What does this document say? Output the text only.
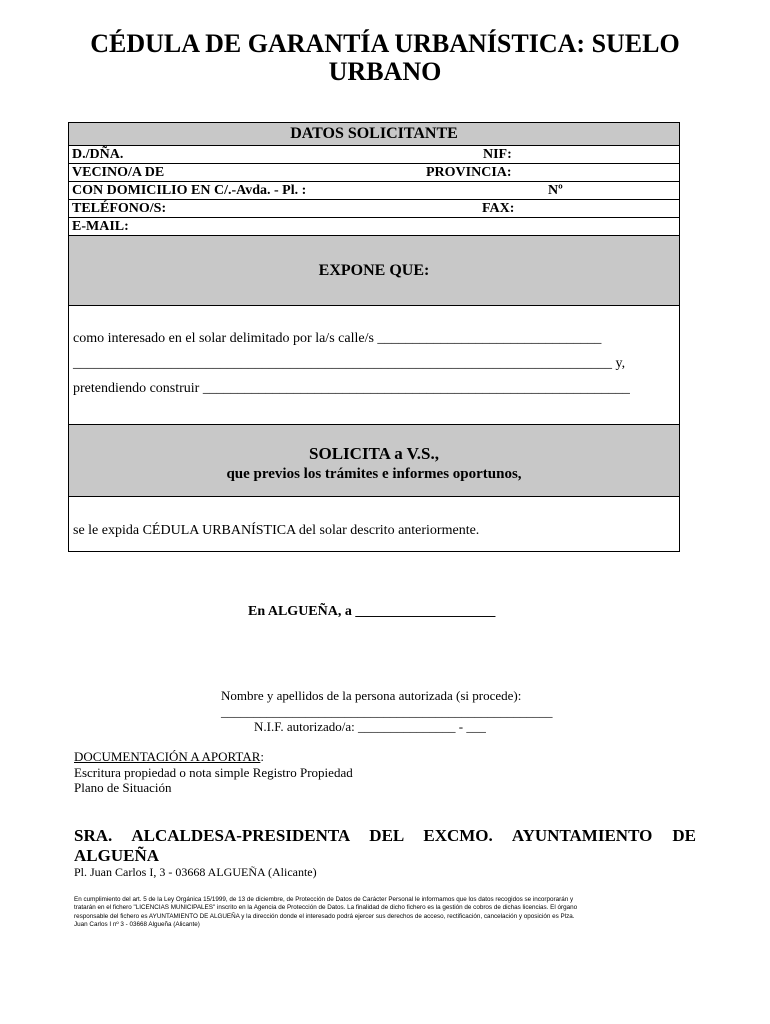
CÉDULA DE GARANTÍA URBANÍSTICA: SUELO
URBANO
DATOS SOLICITANTE
D./DÑA.	NIF:
VECINO/A DE	PROVINCIA:
CON DOMICILIO EN C/.-Avda. - Pl. :	Nº
TELÉFONO/S:	FAX:
E-MAIL:
EXPONE QUE:
como interesado en el solar delimitado por la/s calle/s ________________________________
_____________________________________________________________________________ y,
pretendiendo construir _____________________________________________________________
SOLICITA a V.S.,
que previos los trámites e informes oportunos,
se le expida CÉDULA URBANÍSTICA del solar descrito anteriormente.
En ALGUEÑA, a ____________________
Nombre y apellidos de la persona autorizada (si procede):
___________________________________________________
N.I.F. autorizado/a: _______________ - ___
DOCUMENTACIÓN A APORTAR:
Escritura propiedad o nota simple Registro Propiedad
Plano de Situación
SRA. ALCALDESA-PRESIDENTA DEL EXCMO. AYUNTAMIENTO DE
ALGUEÑA
Pl. Juan Carlos I, 3 - 03668 ALGUEÑA (Alicante)
En cumplimiento del art. 5 de la Ley Orgánica 15/1999, de 13 de diciembre, de Protección de Datos de Carácter Personal le informamos que los datos recogidos se incorporarán y
tratarán en el fichero "LICENCIAS MUNICIPALES" inscrito en la Agencia de Protección de Datos. La finalidad de dicho fichero es la gestión de cobros de dichas licencias. El órgano
responsable del fichero es AYUNTAMIENTO DE ALGUEÑA y la dirección donde el interesado podrá ejercer sus derechos de acceso, rectificación, cancelación y oposición es Plza.
Juan Carlos I nº 3 - 03668 Algueña (Alicante)
